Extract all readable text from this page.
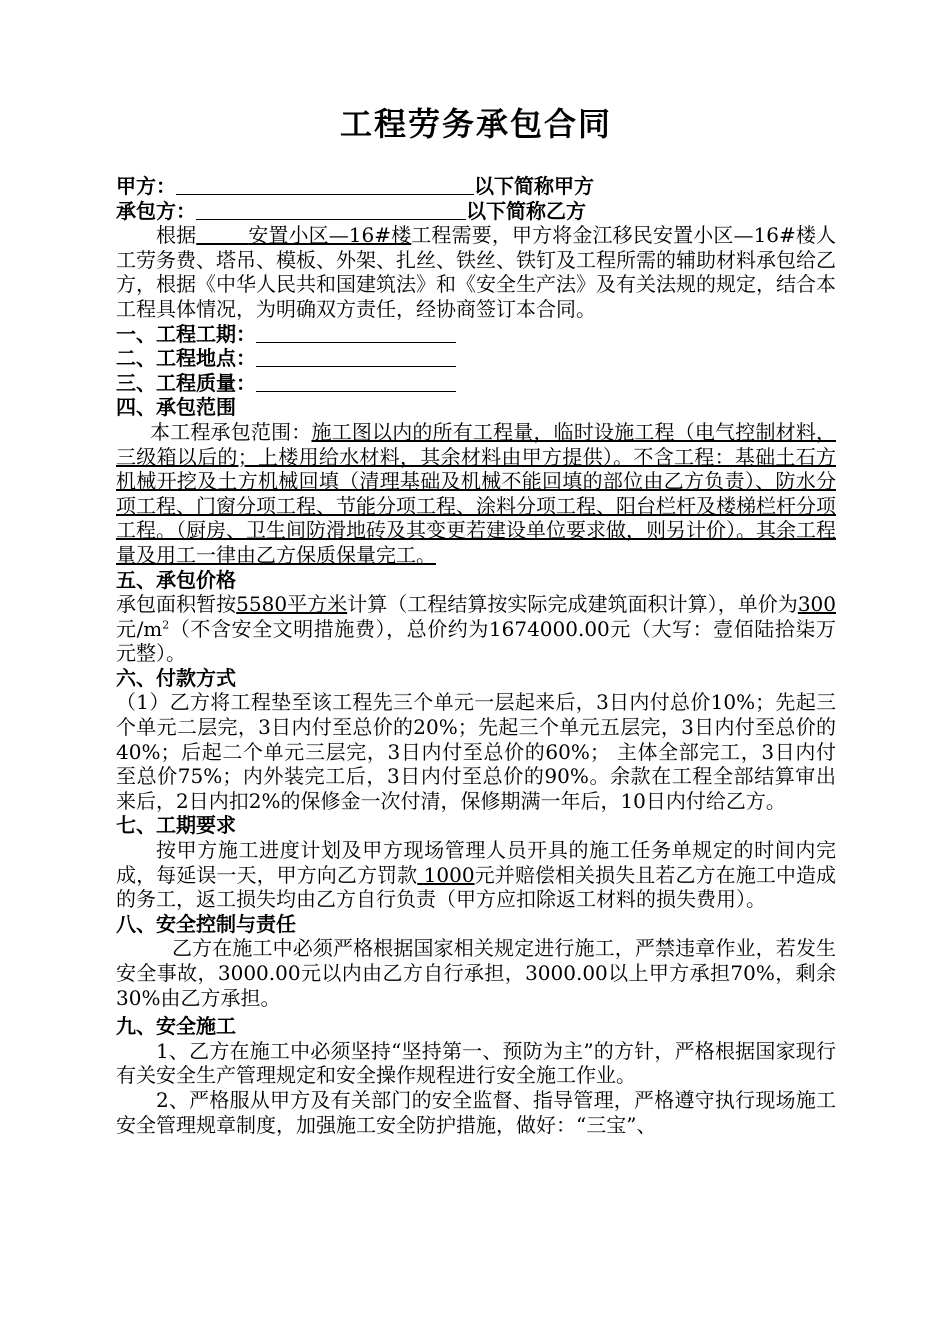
工程劳务承包合同

甲方：	以下简称甲方

承包方：	以下简称乙方

根据	安置小区—16#楼工程需要，甲方将金江移民安置小区—16#楼人工劳务费、塔吊、模板、外架、扎丝、铁丝、铁钉及工程所需的辅助材料承包给乙方，根据《中华人民共和国建筑法》和《安全生产法》及有关法规的规定，结合本工程具体情况，为明确双方责任，经协商签订本合同。

一、工程工期：

二、工程地点：

三、工程质量：

四、承包范围

本工程承包范围：施工图以内的所有工程量，临时设施工程（电气控制材料，三级箱以后的；上楼用给水材料，其余材料由甲方提供）。不含工程：基础土石方机械开挖及土方机械回填（清理基础及机械不能回填的部位由乙方负责）、防水分项工程、门窗分项工程、节能分项工程、涂料分项工程、阳台栏杆及楼梯栏杆分项工程。（厨房、卫生间防滑地砖及其变更若建设单位要求做，则另计价）。其余工程量及用工一律由乙方保质保量完工。

五、承包价格

承包面积暂按5580平方米计算（工程结算按实际完成建筑面积计算），单价为300元$/m^2$（不含安全文明措施费），总价约为1674000.00元（大写：壹佰陆拾柒万元整）。

六、付款方式

（1）乙方将工程垫至该工程先三个单元一层起来后，3日内付总价10%；先起三个单元二层完，3日内付至总价的20%；先起三个单元五层完，3日内付至总价的40%；后起二个单元三层完，3日内付至总价的60%； 主体全部完工，3日内付至总价75%；内外装完工后，3日内付至总价的90%。余款在工程全部结算审出来后，2日内扣2%的保修金一次付清，保修期满一年后，10日内付给乙方。

七、工期要求

按甲方施工进度计划及甲方现场管理人员开具的施工任务单规定的时间内完成，每延误一天，甲方向乙方罚款 1000元并赔偿相关损失且若乙方在施工中造成的务工，返工损失均由乙方自行负责（甲方应扣除返工材料的损失费用）。

八、安全控制与责任

乙方在施工中必须严格根据国家相关规定进行施工，严禁违章作业，若发生安全事故，3000.00元以内由乙方自行承担，3000.00以上甲方承担70%，剩余30%由乙方承担。

九、安全施工

1、乙方在施工中必须坚持“坚持第一、预防为主”的方针，严格根据国家现行有关安全生产管理规定和安全操作规程进行安全施工作业。

2、严格服从甲方及有关部门的安全监督、指导管理，严格遵守执行现场施工安全管理规章制度，加强施工安全防护措施，做好：“三宝”、
